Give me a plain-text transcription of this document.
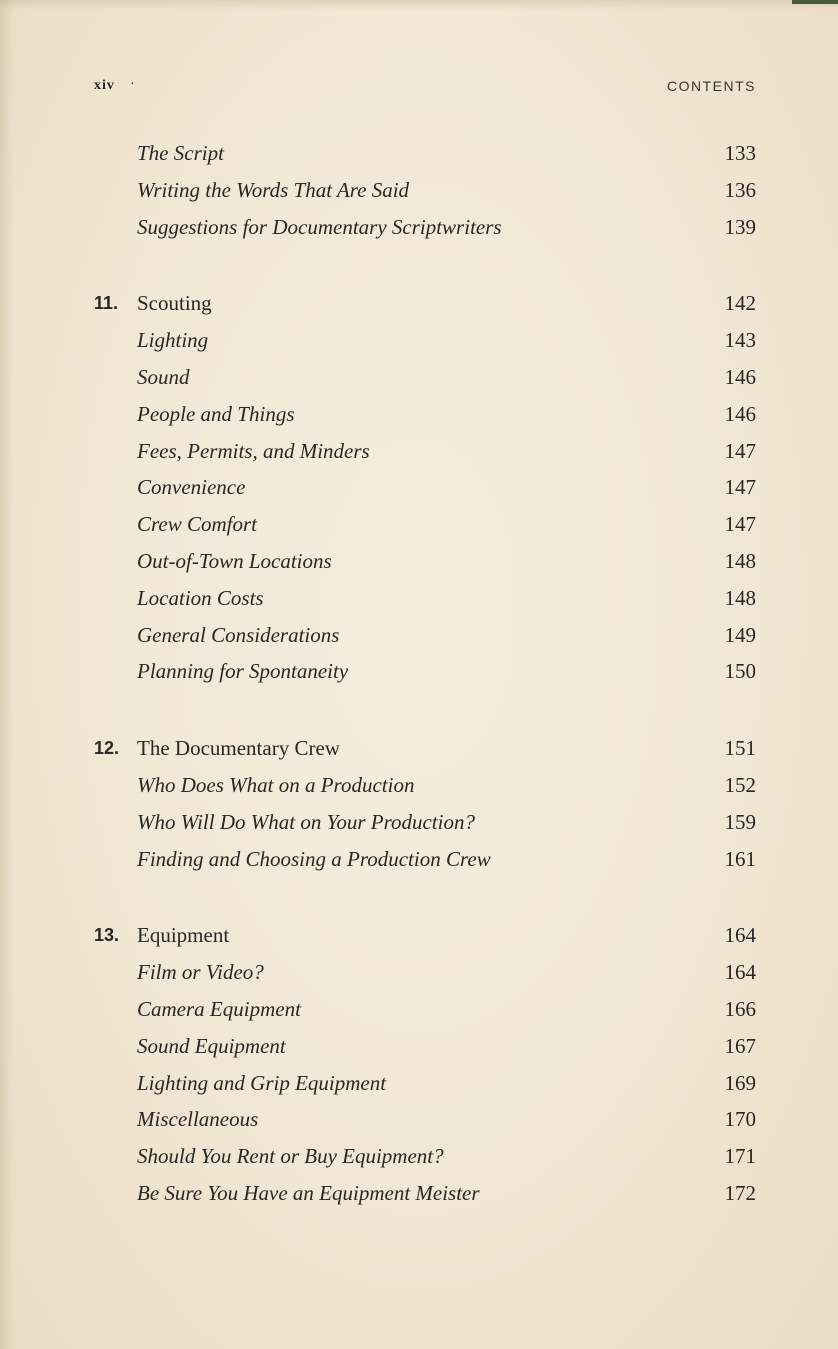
xiv ·	CONTENTS
The Script	133
Writing the Words That Are Said	136
Suggestions for Documentary Scriptwriters	139
11. Scouting	142
Lighting	143
Sound	146
People and Things	146
Fees, Permits, and Minders	147
Convenience	147
Crew Comfort	147
Out-of-Town Locations	148
Location Costs	148
General Considerations	149
Planning for Spontaneity	150
12. The Documentary Crew	151
Who Does What on a Production	152
Who Will Do What on Your Production?	159
Finding and Choosing a Production Crew	161
13. Equipment	164
Film or Video?	164
Camera Equipment	166
Sound Equipment	167
Lighting and Grip Equipment	169
Miscellaneous	170
Should You Rent or Buy Equipment?	171
Be Sure You Have an Equipment Meister	172
